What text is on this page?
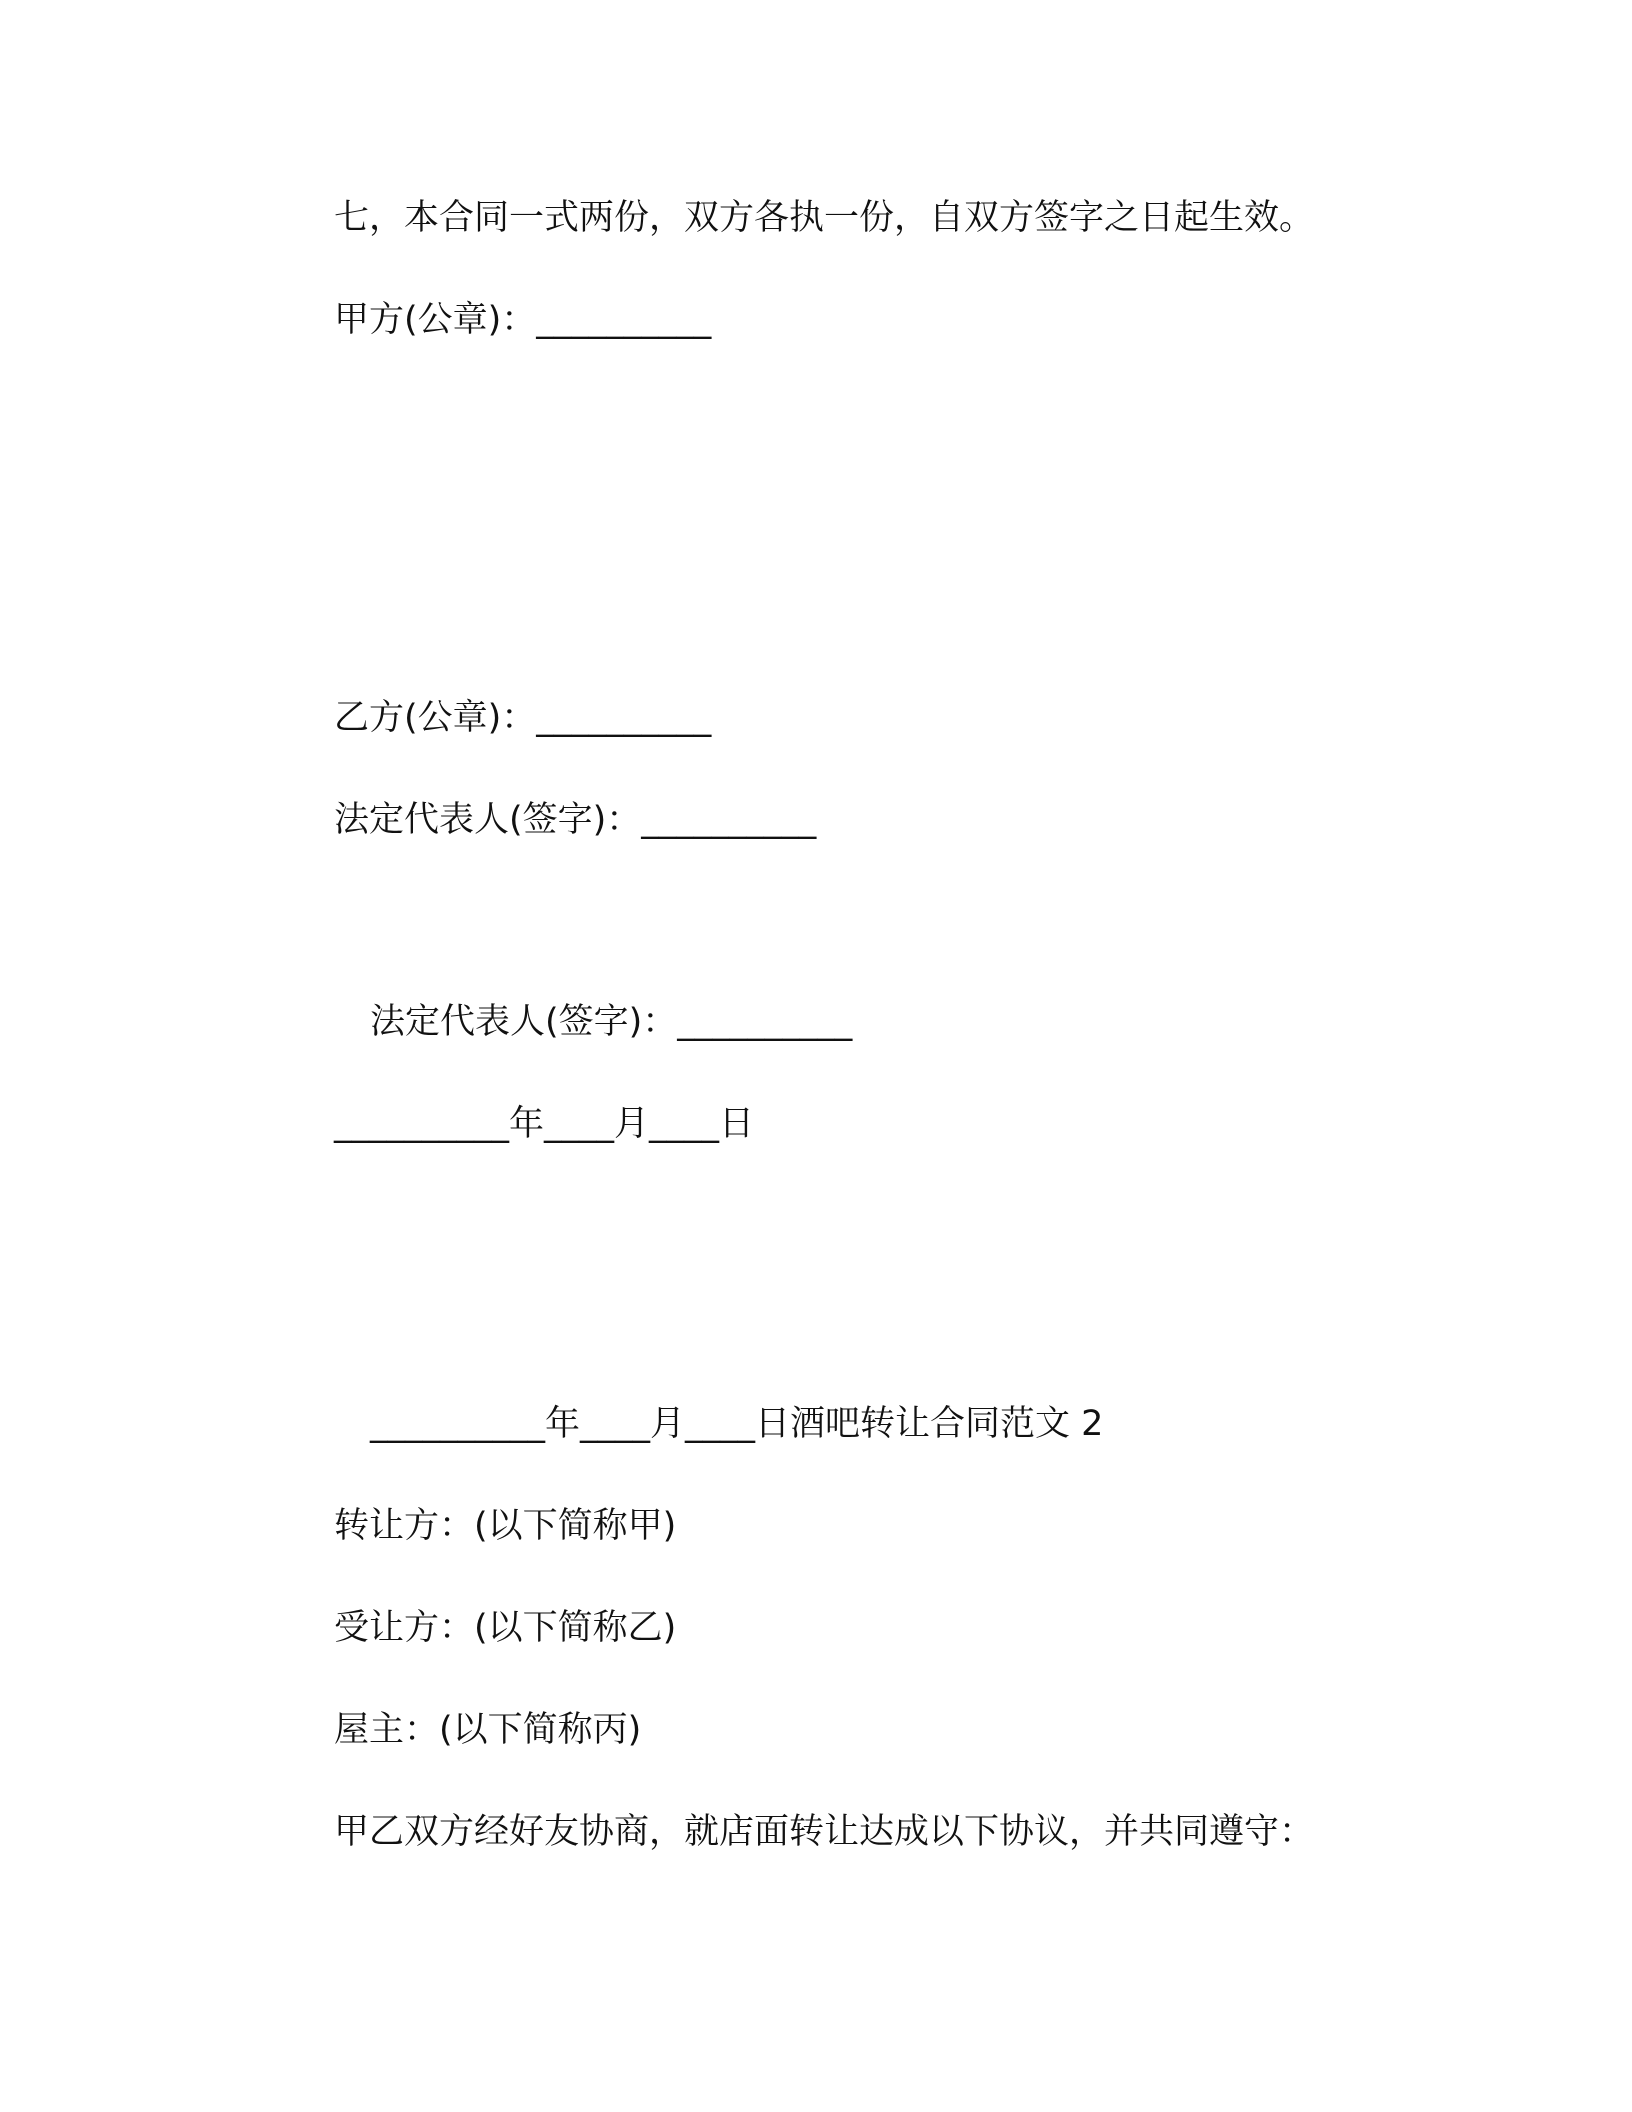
七，本合同一式两份，双方各执一份，自双方签字之日起生效。
甲方(公章)：__________
乙方(公章)：__________
法定代表人(签字)：__________
法定代表人(签字)：__________
__________年____月____日
__________年____月____日酒吧转让合同范文 2
转让方：(以下简称甲)
受让方：(以下简称乙)
屋主：(以下简称丙)
甲乙双方经好友协商，就店面转让达成以下协议，并共同遵守：
